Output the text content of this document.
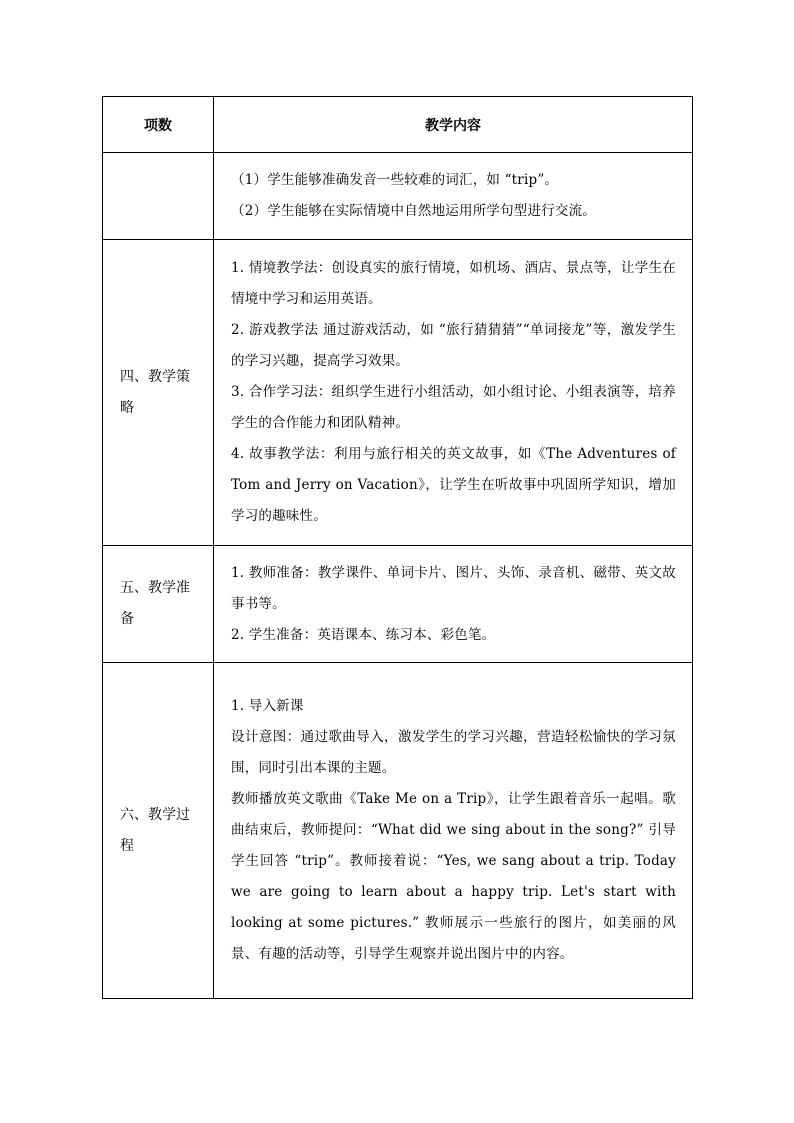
项数	教学内容

	（1）学生能够准确发音一些较难的词汇，如 “trip”。

（2）学生能够在实际情境中自然地运用所学句型进行交流。

四、教学策略	1. 情境教学法：创设真实的旅行情境，如机场、酒店、景点等，让学生在情境中学习和运用英语。

2. 游戏教学法 通过游戏活动，如 “旅行猜猜猜”“单词接龙”等，激发学生的学习兴趣，提高学习效果。

3. 合作学习法：组织学生进行小组活动，如小组讨论、小组表演等，培养学生的合作能力和团队精神。

4. 故事教学法：利用与旅行相关的英文故事，如《The Adventures of Tom and Jerry on Vacation》，让学生在听故事中巩固所学知识，增加学习的趣味性。

五、教学准备	1. 教师准备：教学课件、单词卡片、图片、头饰、录音机、磁带、英文故事书等。

2. 学生准备：英语课本、练习本、彩色笔。

六、教学过程	1. 导入新课

设计意图：通过歌曲导入，激发学生的学习兴趣，营造轻松愉快的学习氛围，同时引出本课的主题。

教师播放英文歌曲《Take Me on a Trip》，让学生跟着音乐一起唱。歌曲结束后，教师提问：“What did we sing about in the song?” 引导学生回答 “trip”。教师接着说：“Yes, we sang about a trip. Today we are going to learn about a happy trip. Let's start with looking at some pictures.” 教师展示一些旅行的图片，如美丽的风景、有趣的活动等，引导学生观察并说出图片中的内容。
